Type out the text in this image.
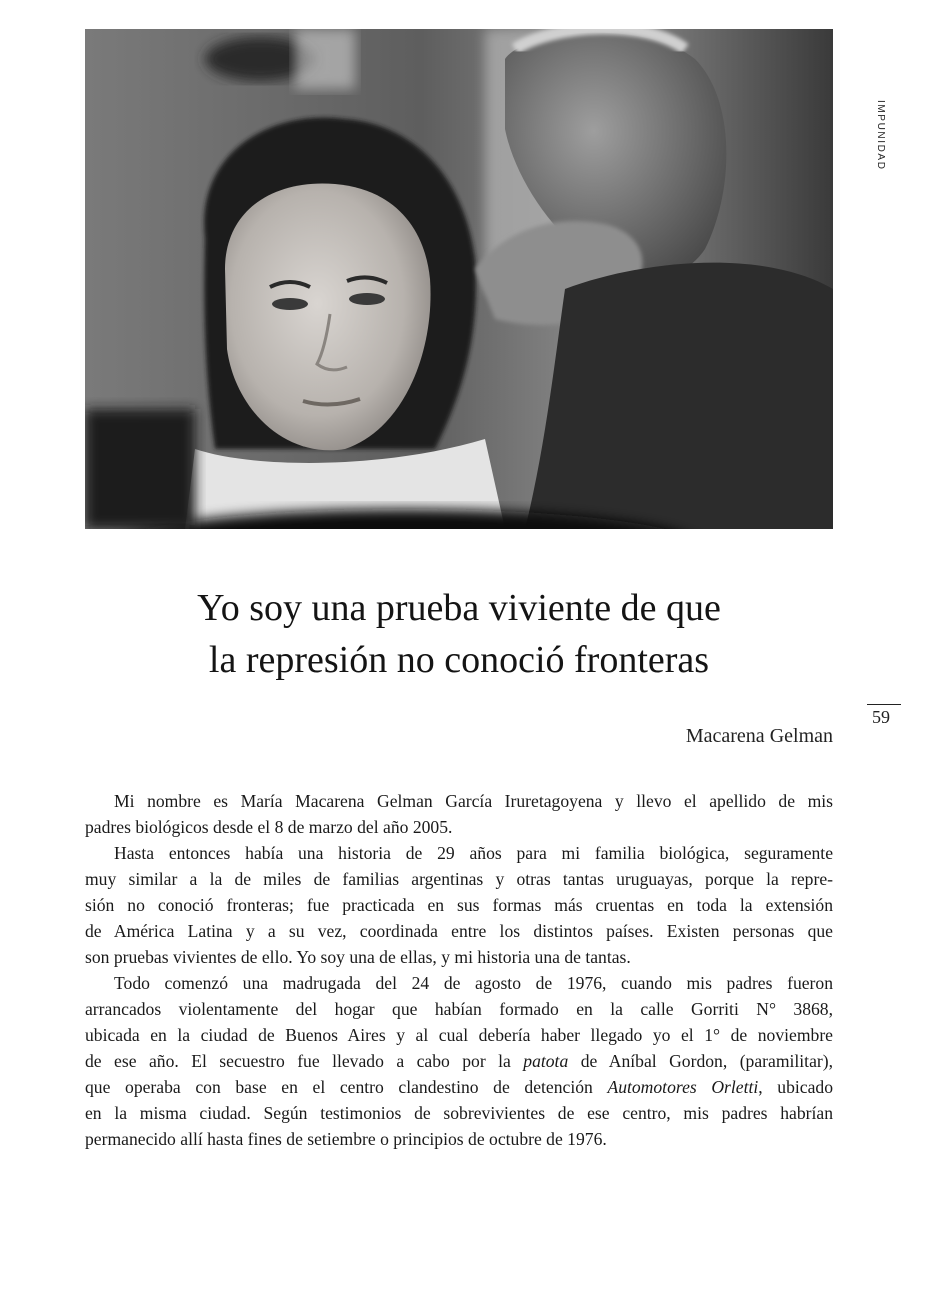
IMPUNIDAD
59
Yo soy una prueba viviente de que
la represión no conoció fronteras
Macarena Gelman
Mi nombre es María Macarena Gelman García Iruretagoyena y llevo el apellido de mis
padres biológicos desde el 8 de marzo del año 2005.
Hasta entonces había una historia de 29 años para mi familia biológica, seguramente
muy similar a la de miles de familias argentinas y otras tantas uruguayas, porque la repre-
sión no conoció fronteras; fue practicada en sus formas más cruentas en toda la extensión
de América Latina y a su vez, coordinada entre los distintos países. Existen personas que
son pruebas vivientes de ello. Yo soy una de ellas, y mi historia una de tantas.
Todo comenzó una madrugada del 24 de agosto de 1976, cuando mis padres fueron
arrancados violentamente del hogar que habían formado en la calle Gorriti N° 3868,
ubicada en la ciudad de Buenos Aires y al cual debería haber llegado yo el 1° de noviembre
de ese año. El secuestro fue llevado a cabo por la patota de Aníbal Gordon, (paramilitar),
que operaba con base en el centro clandestino de detención Automotores Orletti, ubicado
en la misma ciudad. Según testimonios de sobrevivientes de ese centro, mis padres habrían
permanecido allí hasta fines de setiembre o principios de octubre de 1976.
